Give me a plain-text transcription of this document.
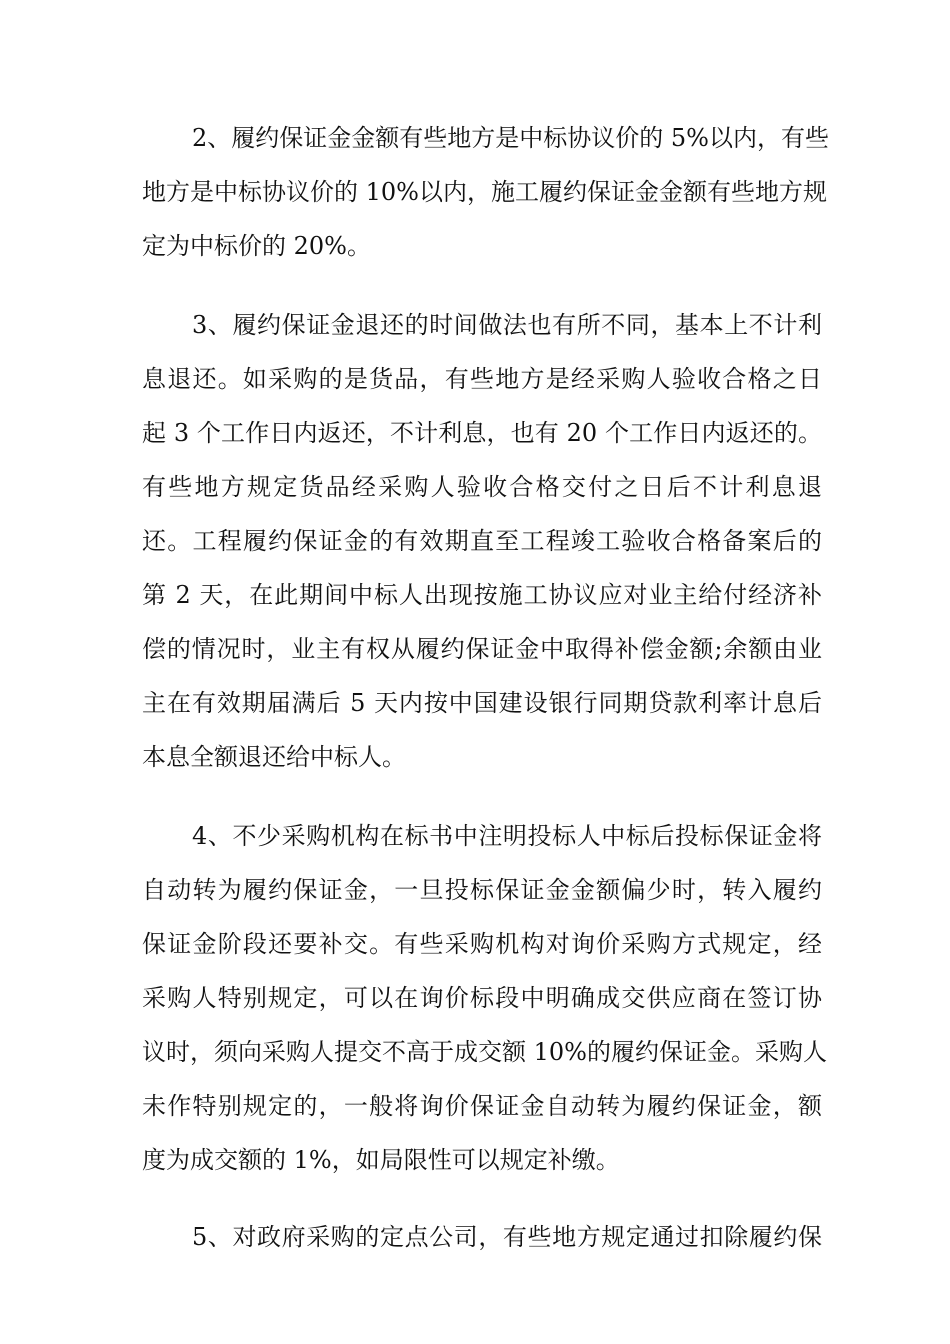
2、履约保证金金额有些地方是中标协议价的 5%以内，有些
地方是中标协议价的 10%以内，施工履约保证金金额有些地方规
定为中标价的 20%。
3、履约保证金退还的时间做法也有所不同，基本上不计利
息退还。如采购的是货品，有些地方是经采购人验收合格之日
起 3 个工作日内返还，不计利息，也有 20 个工作日内返还的。
有些地方规定货品经采购人验收合格交付之日后不计利息退
还。工程履约保证金的有效期直至工程竣工验收合格备案后的
第 2 天，在此期间中标人出现按施工协议应对业主给付经济补
偿的情况时，业主有权从履约保证金中取得补偿金额;余额由业
主在有效期届满后 5 天内按中国建设银行同期贷款利率计息后
本息全额退还给中标人。
4、不少采购机构在标书中注明投标人中标后投标保证金将
自动转为履约保证金，一旦投标保证金金额偏少时，转入履约
保证金阶段还要补交。有些采购机构对询价采购方式规定，经
采购人特别规定，可以在询价标段中明确成交供应商在签订协
议时，须向采购人提交不高于成交额 10%的履约保证金。采购人
未作特别规定的，一般将询价保证金自动转为履约保证金，额
度为成交额的 1%，如局限性可以规定补缴。
5、对政府采购的定点公司，有些地方规定通过扣除履约保
